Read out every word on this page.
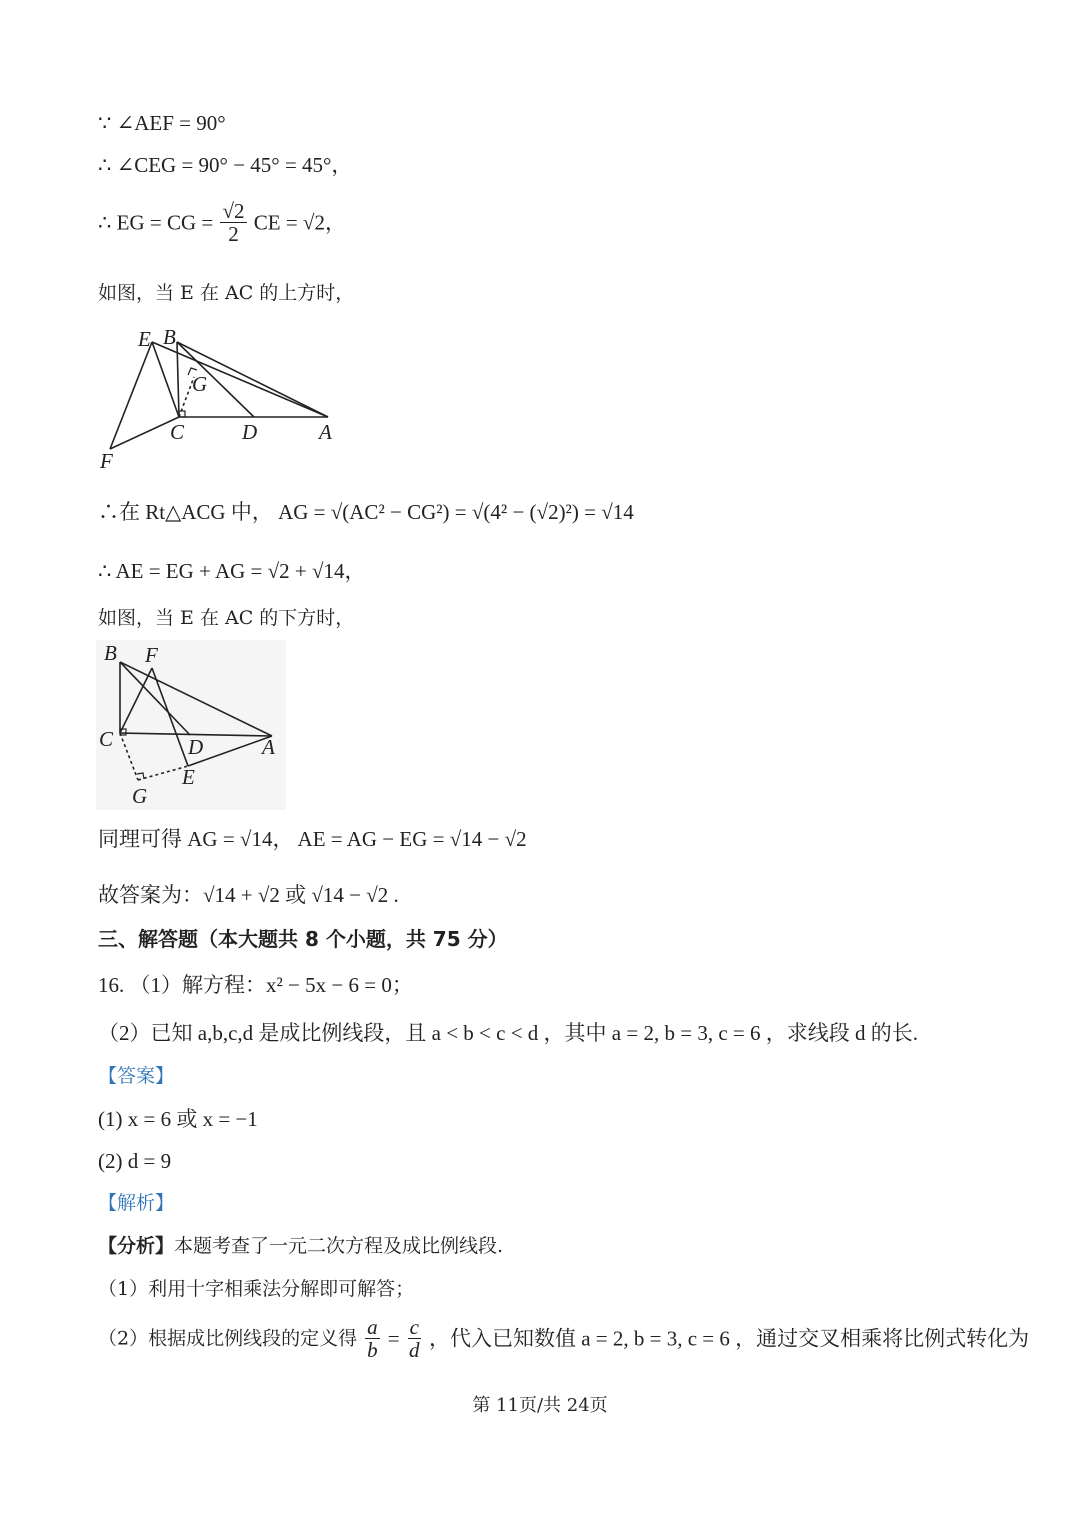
∵ ∠AEF = 90°
∴ ∠CEG = 90° − 45° = 45°，
∴ EG = CG = $\frac{√2}{2}$ CE = √2，
如图，当 E 在 AC 的上方时，
E B
G
C	D	A
F
∴在 Rt△ACG 中， AG = √(AC² − CG²) = √(4² − (√2)²) = √14
∴ AE = EG + AG = √2 + √14，
如图，当 E 在 AC 的下方时，
B F
C	D	A
E
G
同理可得 AG = √14， AE = AG − EG = √14 − √2
故答案为：√14 + √2 或 √14 − √2 .
三、解答题（本大题共 8 个小题，共 75 分）
16. （1）解方程：x² − 5x − 6 = 0；
（2）已知 a,b,c,d 是成比例线段，且 a < b < c < d ，其中 a = 2, b = 3, c = 6 ，求线段 d 的长.
【答案】
(1) x = 6 或 x = −1
(2) d = 9
【解析】
【分析】本题考查了一元二次方程及成比例线段.
（1）利用十字相乘法分解即可解答；
（2）根据成比例线段的定义得 $\frac{a}{b} = \frac{c}{d}$ ，代入已知数值 a = 2, b = 3, c = 6 ，通过交叉相乘将比例式转化为
第 11页/共 24页
